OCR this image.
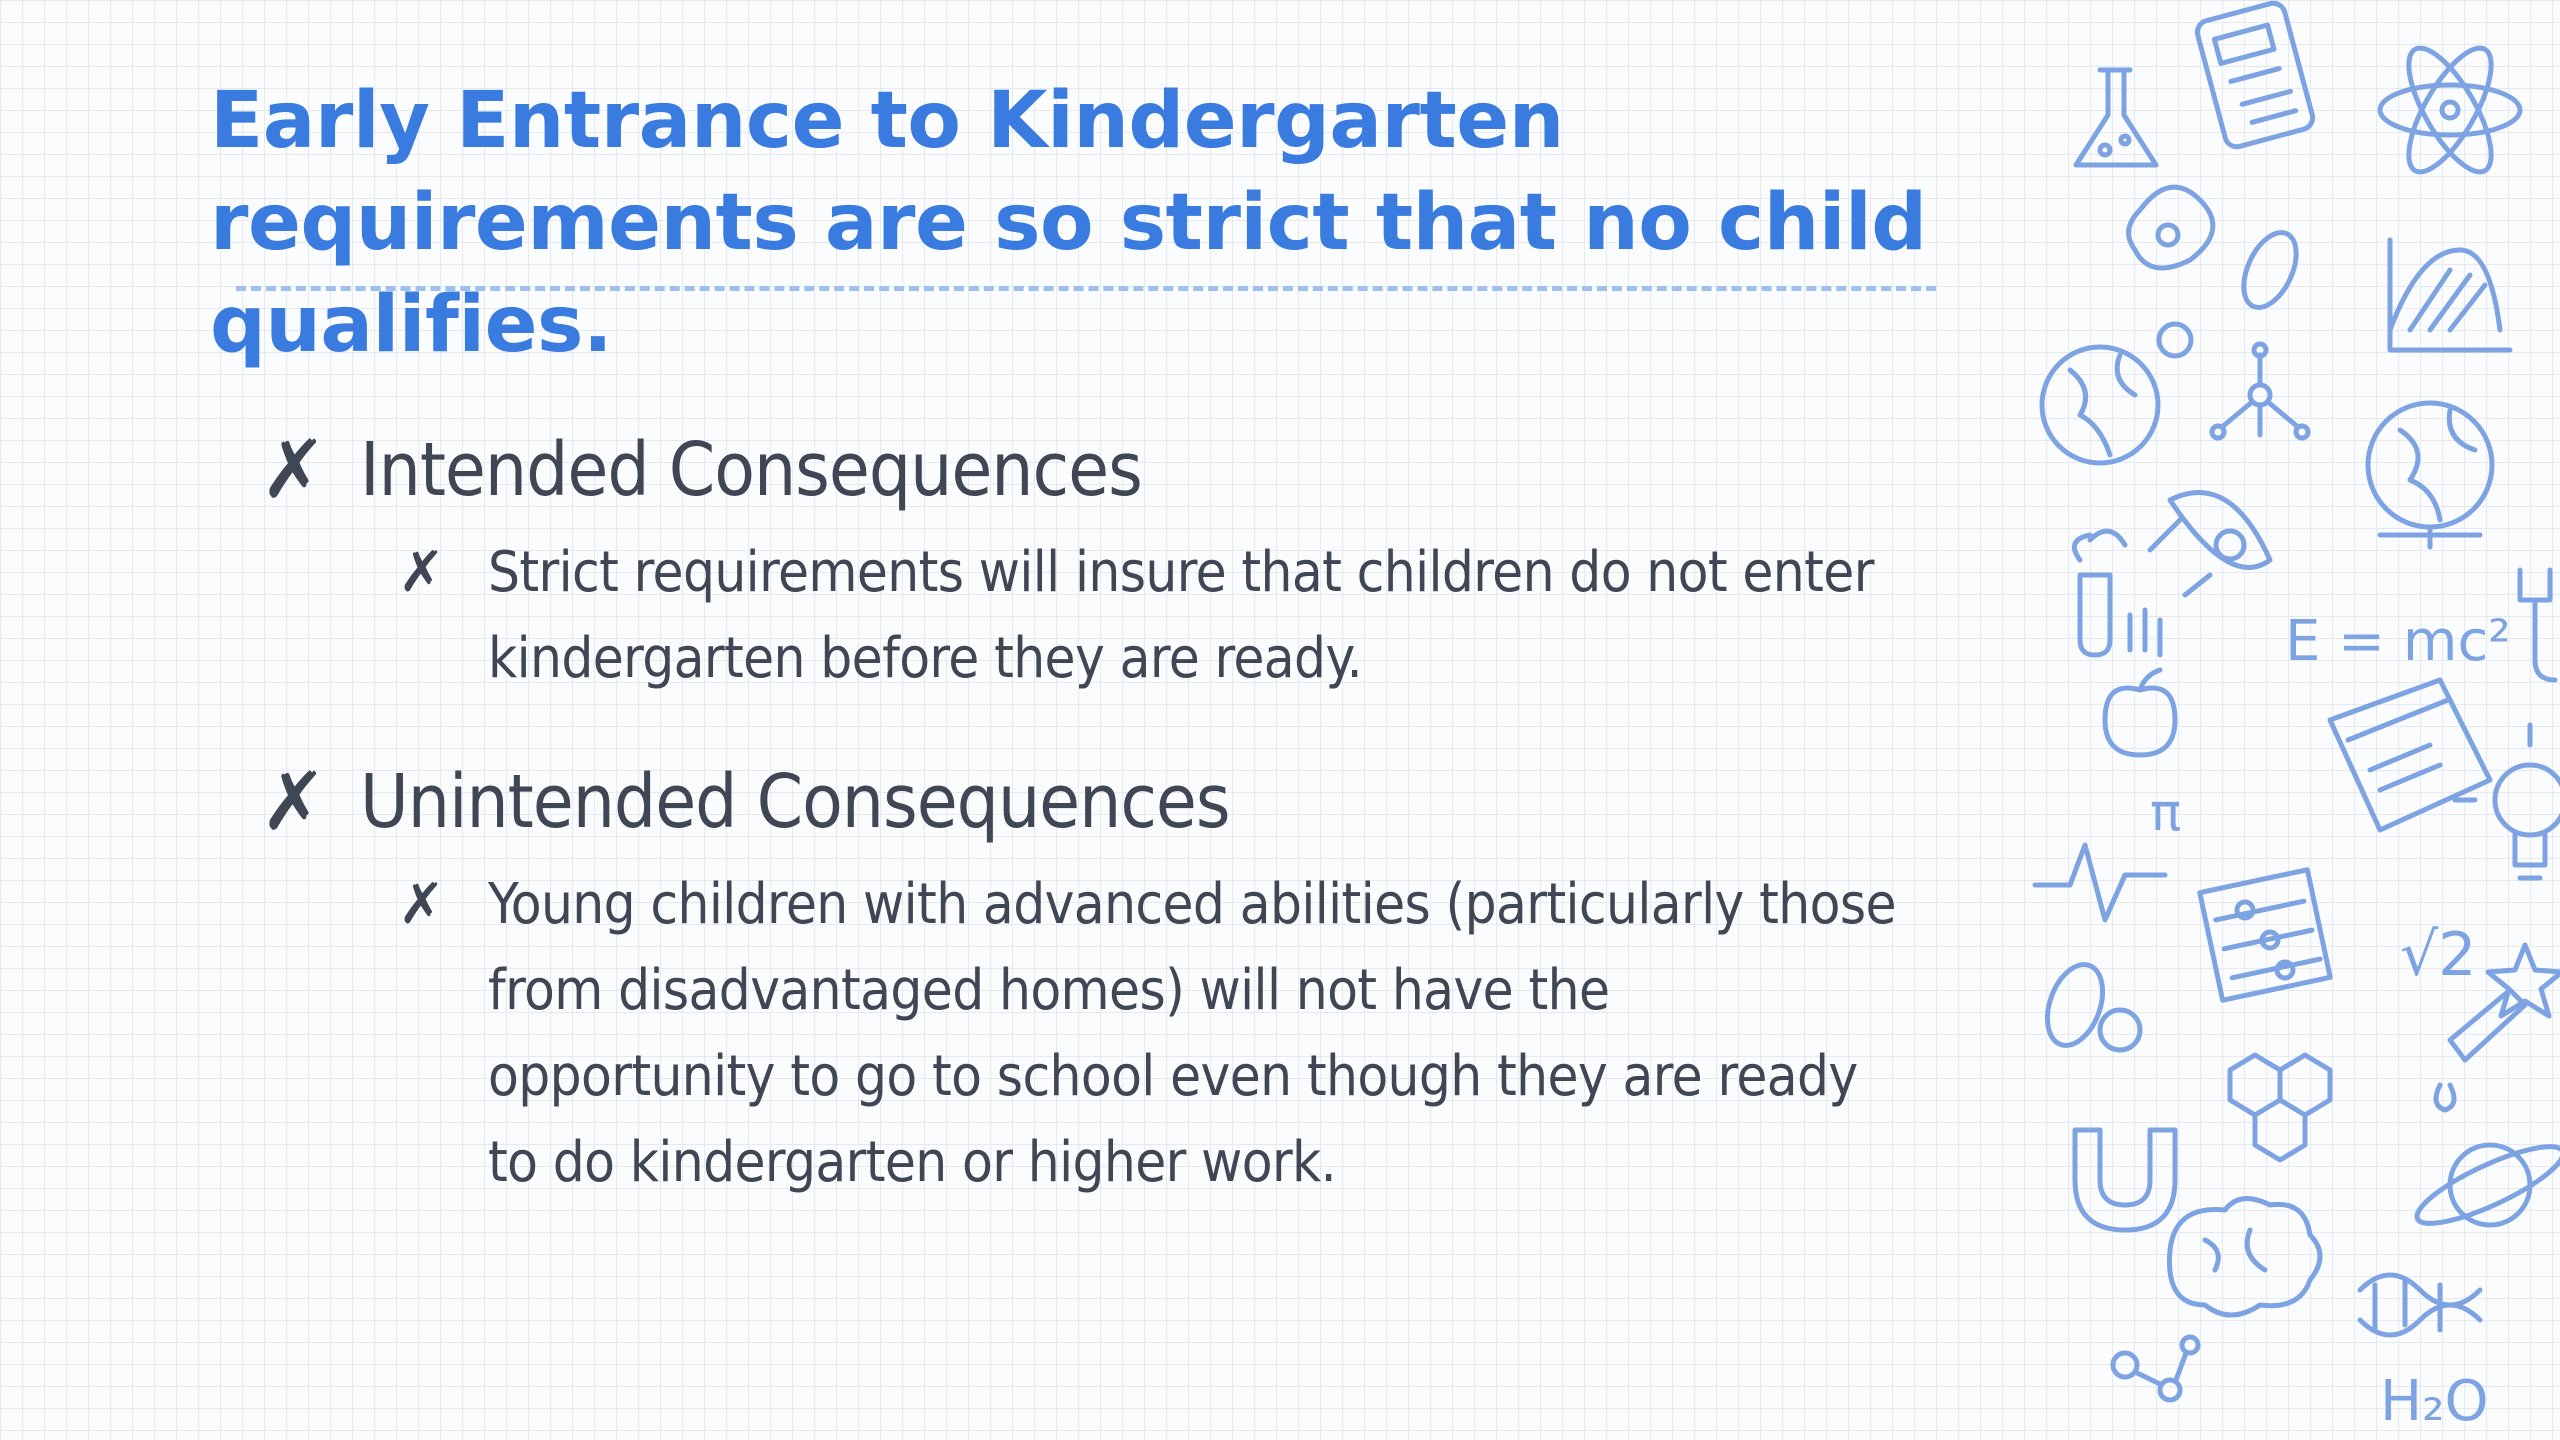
Early Entrance to Kindergarten requirements are so strict that no child qualifies.
✗ Intended Consequences
✗ Strict requirements will insure that children do not enter kindergarten before they are ready.
✗ Unintended Consequences
✗ Young children with advanced abilities (particularly those from disadvantaged homes) will not have the opportunity to go to school even though they are ready to do kindergarten or higher work.
E = mc²
π
√2
H₂O
